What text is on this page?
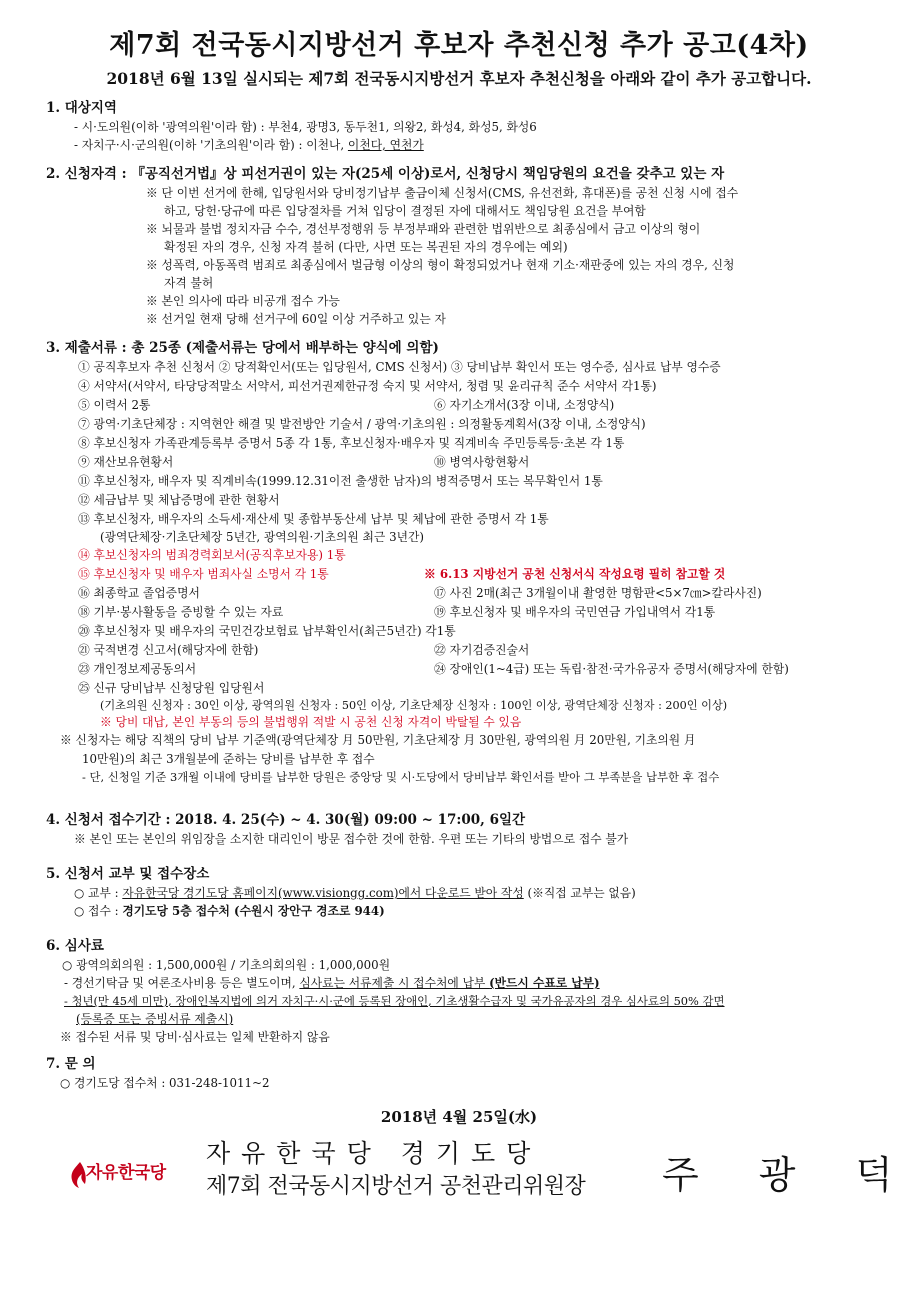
제7회 전국동시지방선거 후보자 추천신청 추가 공고(4차)
2018년 6월 13일 실시되는 제7회 전국동시지방선거 후보자 추천신청을 아래와 같이 추가 공고합니다.
1. 대상지역
- 시·도의원(이하 '광역의원'이라 함) : 부천4, 광명3, 동두천1, 의왕2, 화성4, 화성5, 화성6
- 자치구·시·군의원(이하 '기초의원'이라 함) : 이천나, 이천다, 연천가
2. 신청자격 : 『공직선거법』상 피선거권이 있는 자(25세 이상)로서, 신청당시 책임당원의 요건을 갖추고 있는 자
※ 단 이번 선거에 한해, 입당원서와 당비정기납부 출금이체 신청서(CMS, 유선전화, 휴대폰)를 공천 신청 시에 접수
하고, 당헌·당규에 따른 입당절차를 거쳐 입당이 결정된 자에 대해서도 책임당원 요건을 부여함
※ 뇌물과 불법 정치자금 수수, 경선부정행위 등 부정부패와 관련한 법위반으로 최종심에서 금고 이상의 형이
확정된 자의 경우, 신청 자격 불허 (다만, 사면 또는 복권된 자의 경우에는 예외)
※ 성폭력, 아동폭력 범죄로 최종심에서 벌금형 이상의 형이 확정되었거나 현재 기소·재판중에 있는 자의 경우, 신청
자격 불허
※ 본인 의사에 따라 비공개 접수 가능
※ 선거일 현재 당해 선거구에 60일 이상 거주하고 있는 자
3. 제출서류 : 총 25종 (제출서류는 당에서 배부하는 양식에 의함)
① 공직후보자 추천 신청서 ② 당적확인서(또는 입당원서, CMS 신청서) ③ 당비납부 확인서 또는 영수증, 심사료 납부 영수증
④ 서약서(서약서, 타당당적말소 서약서, 피선거권제한규정 숙지 및 서약서, 청렴 및 윤리규칙 준수 서약서 각1통)
⑤ 이력서 2통	⑥ 자기소개서(3장 이내, 소정양식)
⑦ 광역·기초단체장 : 지역현안 해결 및 발전방안 기술서 / 광역·기초의원 : 의정활동계획서(3장 이내, 소정양식)
⑧ 후보신청자 가족관계등록부 증명서 5종 각 1통, 후보신청자·배우자 및 직계비속 주민등록등·초본 각 1통
⑨ 재산보유현황서	⑩ 병역사항현황서
⑪ 후보신청자, 배우자 및 직계비속(1999.12.31이전 출생한 남자)의 병적증명서 또는 복무확인서 1통
⑫ 세금납부 및 체납증명에 관한 현황서
⑬ 후보신청자, 배우자의 소득세·재산세 및 종합부동산세 납부 및 체납에 관한 증명서 각 1통
(광역단체장·기초단체장 5년간, 광역의원·기초의원 최근 3년간)
⑭ 후보신청자의 범죄경력회보서(공직후보자용) 1통
⑮ 후보신청자 및 배우자 범죄사실 소명서 각 1통	※ 6.13 지방선거 공천 신청서식 작성요령 필히 참고할 것
⑯ 최종학교 졸업증명서	⑰ 사진 2매(최근 3개월이내 촬영한 명함판<5×7㎝>칼라사진)
⑱ 기부·봉사활동을 증빙할 수 있는 자료	⑲ 후보신청자 및 배우자의 국민연금 가입내역서 각1통
⑳ 후보신청자 및 배우자의 국민건강보험료 납부확인서(최근5년간) 각1통
㉑ 국적변경 신고서(해당자에 한함)	㉒ 자기검증진술서
㉓ 개인정보제공동의서	㉔ 장애인(1~4급) 또는 독립·참전·국가유공자 증명서(해당자에 한함)
㉕ 신규 당비납부 신청당원 입당원서
(기초의원 신청자 : 30인 이상, 광역의원 신청자 : 50인 이상, 기초단체장 신청자 : 100인 이상, 광역단체장 신청자 : 200인 이상)
※ 당비 대납, 본인 부동의 등의 불법행위 적발 시 공천 신청 자격이 박탈될 수 있음
※ 신청자는 해당 직책의 당비 납부 기준액(광역단체장 月 50만원, 기초단체장 月 30만원, 광역의원 月 20만원, 기초의원 月
10만원)의 최근 3개월분에 준하는 당비를 납부한 후 접수
- 단, 신청일 기준 3개월 이내에 당비를 납부한 당원은 중앙당 및 시·도당에서 당비납부 확인서를 받아 그 부족분을 납부한 후 접수
4. 신청서 접수기간 : 2018. 4. 25(수) ~ 4. 30(월) 09:00 ~ 17:00, 6일간
※ 본인 또는 본인의 위임장을 소지한 대리인이 방문 접수한 것에 한함. 우편 또는 기타의 방법으로 접수 불가
5. 신청서 교부 및 접수장소
○ 교부 : 자유한국당 경기도당 홈페이지(www.visiongg.com)에서 다운로드 받아 작성 (※직접 교부는 없음)
○ 접수 : 경기도당 5층 접수처 (수원시 장안구 경조로 944)
6. 심사료
○ 광역의회의원 : 1,500,000원 / 기초의회의원 : 1,000,000원
- 경선기탁금 및 여론조사비용 등은 별도이며, 심사료는 서류제출 시 접수처에 납부 (반드시 수표로 납부)
- 청년(만 45세 미만), 장애인복지법에 의거 자치구·시·군에 등록된 장애인, 기초생활수급자 및 국가유공자의 경우 심사료의 50% 감면
(등록증 또는 증빙서류 제출시)
※ 접수된 서류 및 당비·심사료는 일체 반환하지 않음
7. 문 의
○ 경기도당 접수처 : 031-248-1011~2
2018년 4월 25일(水)
자유한국당
자유한국당 경기도당
제7회 전국동시지방선거 공천관리위원장 주 광 덕
